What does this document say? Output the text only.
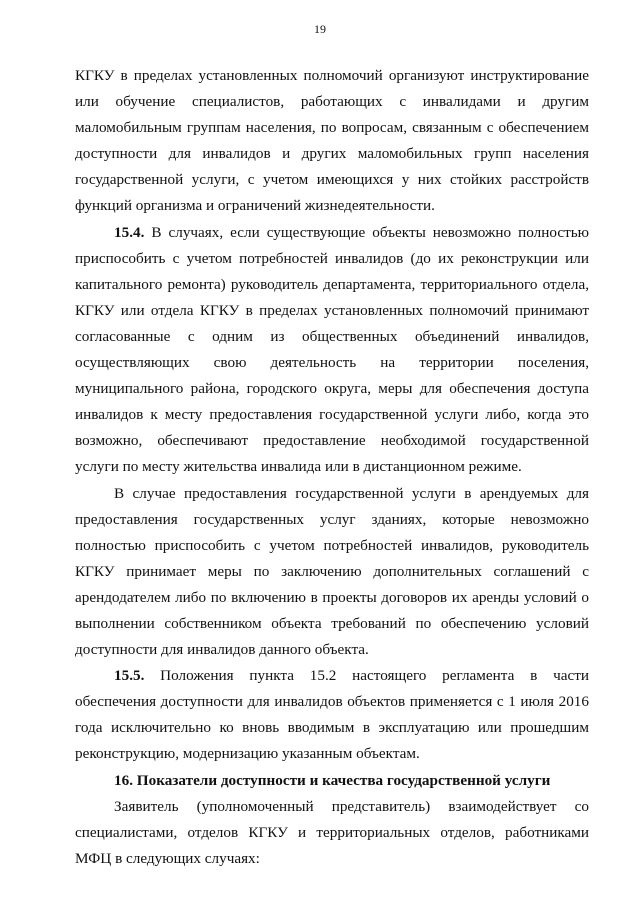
19

КГКУ в пределах установленных полномочий организуют инструктирование или обучение специалистов, работающих с инвалидами и другим маломобильным группам населения, по вопросам, связанным с обеспечением доступности для инвалидов и других маломобильных групп населения государственной услуги, с учетом имеющихся у них стойких расстройств функций организма и ограничений жизнедеятельности.

15.4. В случаях, если существующие объекты невозможно полностью приспособить с учетом потребностей инвалидов (до их реконструкции или капитального ремонта) руководитель департамента, территориального отдела, КГКУ или отдела КГКУ в пределах установленных полномочий принимают согласованные с одним из общественных объединений инвалидов, осуществляющих свою деятельность на территории поселения, муниципального района, городского округа, меры для обеспечения доступа инвалидов к месту предоставления государственной услуги либо, когда это возможно, обеспечивают предоставление необходимой государственной услуги по месту жительства инвалида или в дистанционном режиме.

В случае предоставления государственной услуги в арендуемых для предоставления государственных услуг зданиях, которые невозможно полностью приспособить с учетом потребностей инвалидов, руководитель КГКУ принимает меры по заключению дополнительных соглашений с арендодателем либо по включению в проекты договоров их аренды условий о выполнении собственником объекта требований по обеспечению условий доступности для инвалидов данного объекта.

15.5. Положения пункта 15.2 настоящего регламента в части обеспечения доступности для инвалидов объектов применяется с 1 июля 2016 года исключительно ко вновь вводимым в эксплуатацию или прошедшим реконструкцию, модернизацию указанным объектам.

16. Показатели доступности и качества государственной услуги

Заявитель (уполномоченный представитель) взаимодействует со специалистами, отделов КГКУ и территориальных отделов, работниками МФЦ в следующих случаях:
